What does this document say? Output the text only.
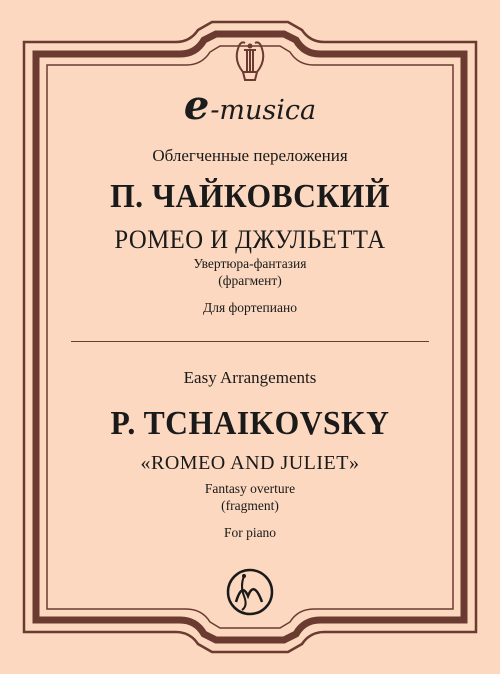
e-musica
Облегченные переложения
П. ЧАЙКОВСКИЙ
РОМЕО И ДЖУЛЬЕТТА
Увертюра-фантазия
(фрагмент)
Для фортепиано
Easy Arrangements
P. TCHAIKOVSKY
«ROMEO AND JULIET»
Fantasy overture
(fragment)
For piano
